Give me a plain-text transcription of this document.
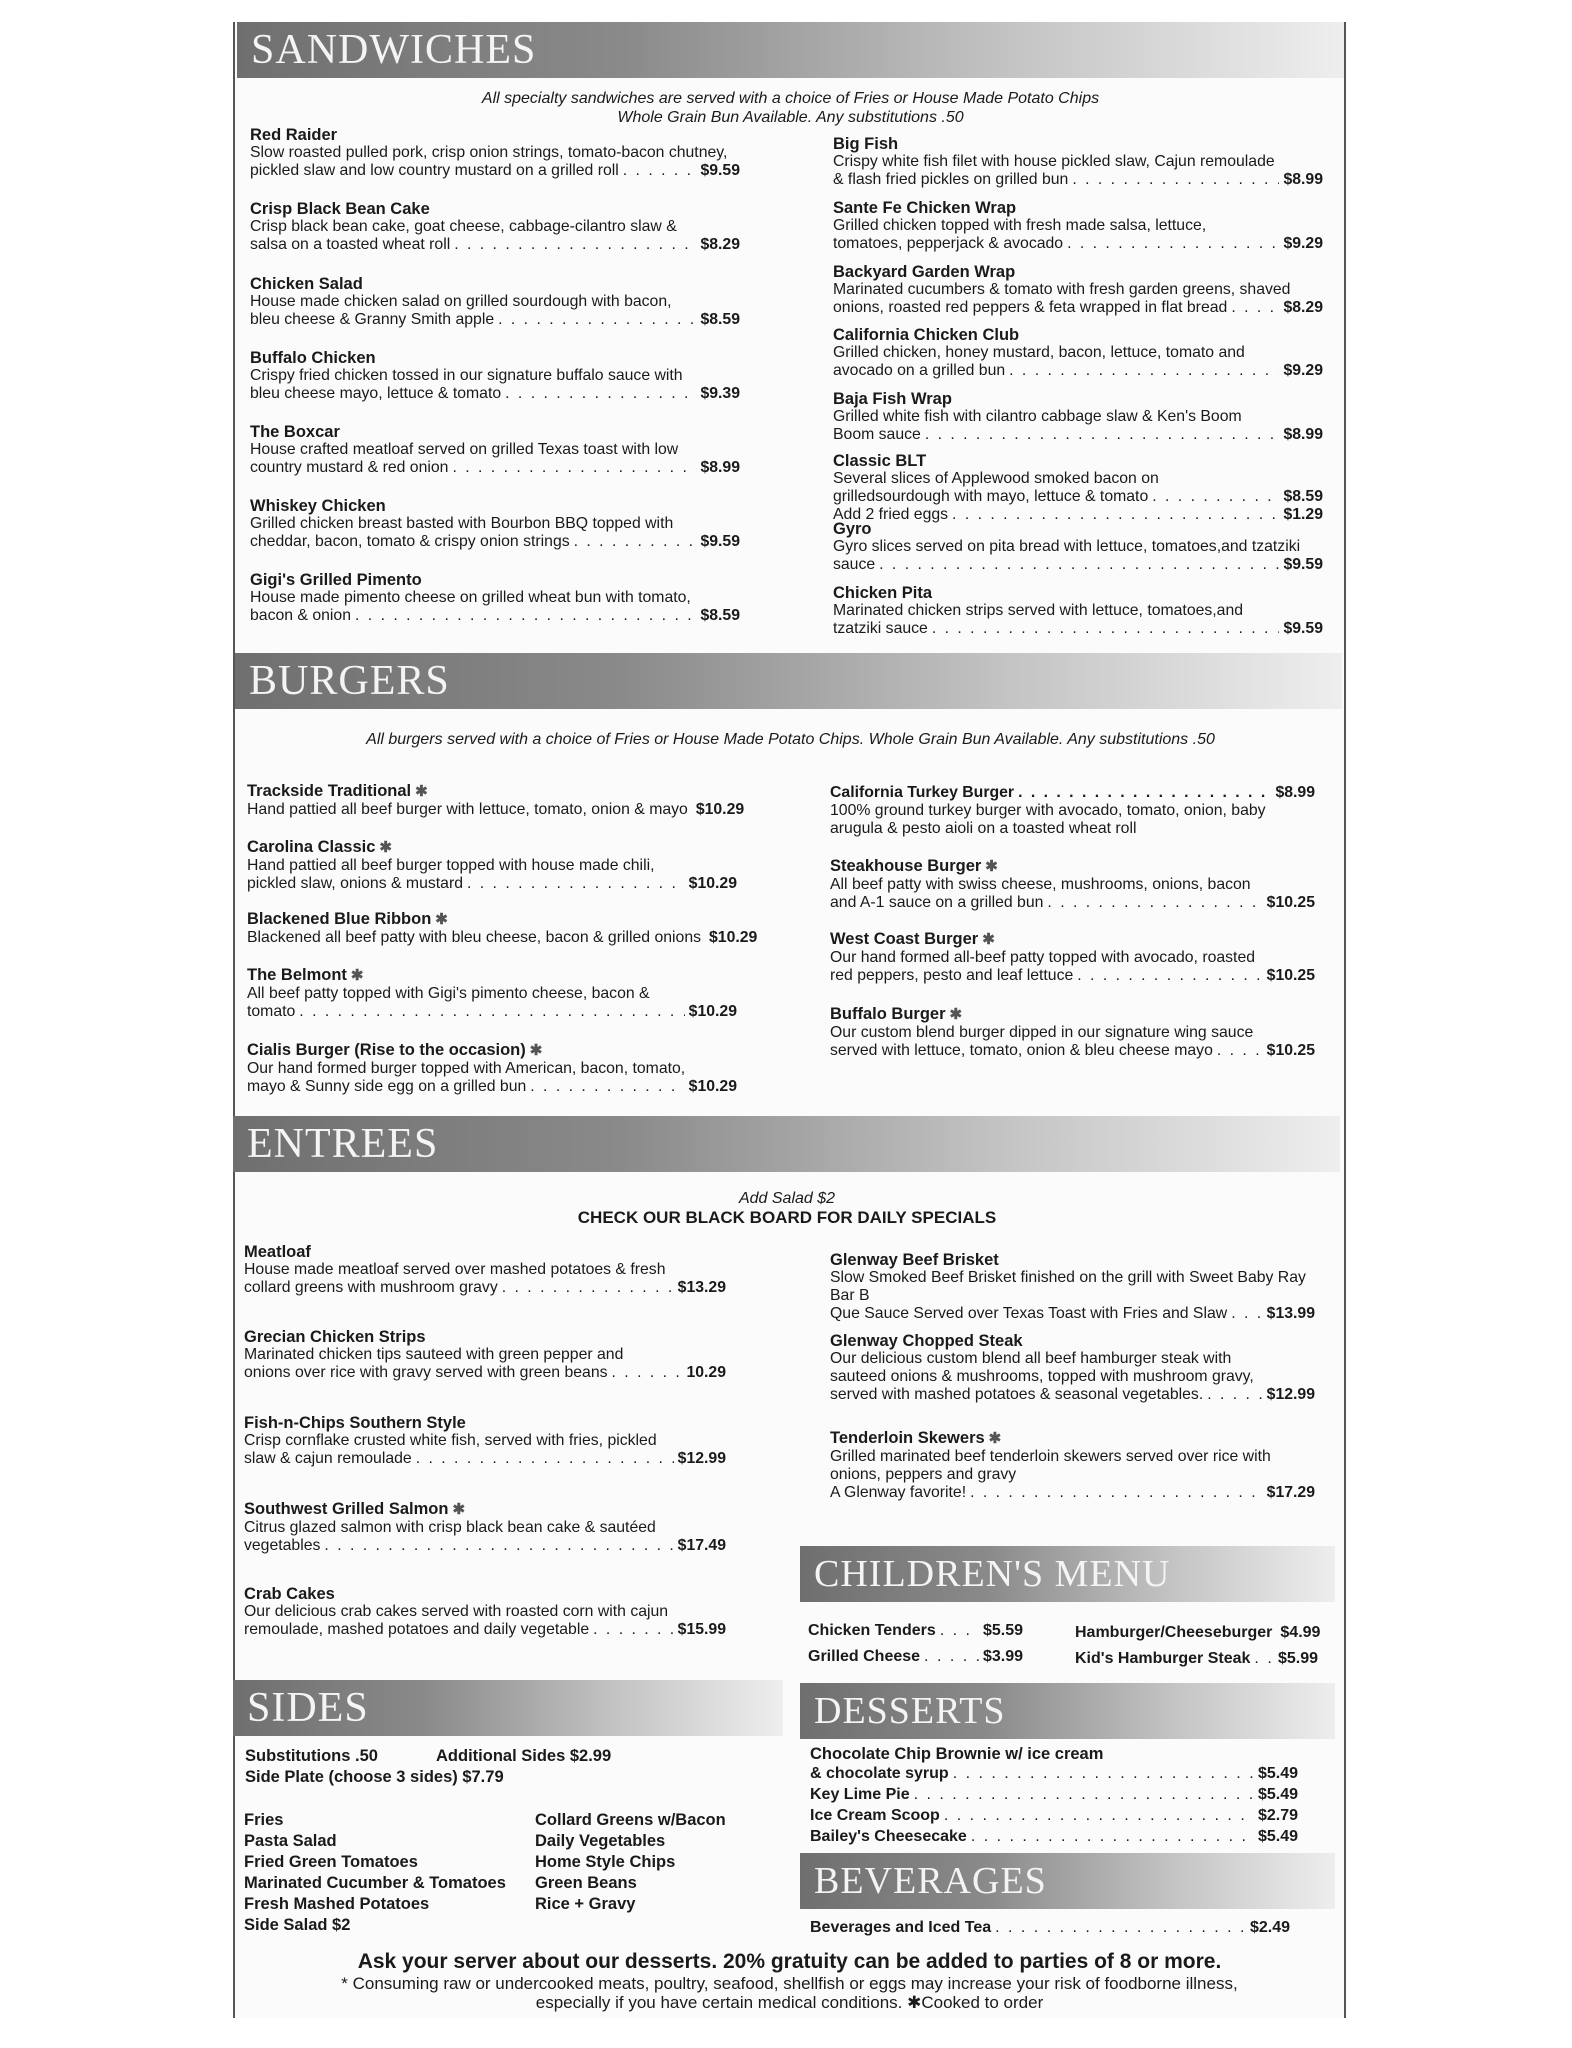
SANDWICHES
All specialty sandwiches are served with a choice of Fries or House Made Potato Chips
Whole Grain Bun Available. Any substitutions .50
Red Raider
Slow roasted pulled pork, crisp onion strings, tomato-bacon chutney,
pickled slaw and low country mustard on a grilled roll . . .	$9.59
Crisp Black Bean Cake
Crisp black bean cake, goat cheese, cabbage-cilantro slaw &
salsa on a toasted wheat roll . . .	$8.29
Chicken Salad
House made chicken salad on grilled sourdough with bacon,
bleu cheese & Granny Smith apple . . .	$8.59
Buffalo Chicken
Crispy fried chicken tossed in our signature buffalo sauce with
bleu cheese mayo, lettuce & tomato . . .	$9.39
The Boxcar
House crafted meatloaf served on grilled Texas toast with low
country mustard & red onion . . .	$8.99
Whiskey Chicken
Grilled chicken breast basted with Bourbon BBQ topped with
cheddar, bacon, tomato & crispy onion strings . . .	$9.59
Gigi's Grilled Pimento
House made pimento cheese on grilled wheat bun with tomato,
bacon & onion . . .	$8.59
Big Fish
Crispy white fish filet with house pickled slaw, Cajun remoulade
& flash fried pickles on grilled bun . . .	$8.99
Sante Fe Chicken Wrap
Grilled chicken topped with fresh made salsa, lettuce,
tomatoes, pepperjack & avocado . . .	$9.29
Backyard Garden Wrap
Marinated cucumbers & tomato with fresh garden greens, shaved
onions, roasted red peppers & feta wrapped in flat bread . . .	$8.29
California Chicken Club
Grilled chicken, honey mustard, bacon, lettuce, tomato and
avocado on a grilled bun . . .	$9.29
Baja Fish Wrap
Grilled white fish with cilantro cabbage slaw & Ken's Boom
Boom sauce . . .	$8.99
Classic BLT
Several slices of Applewood smoked bacon on
grilledsourdough with mayo, lettuce & tomato . . .	$8.59
Add 2 fried eggs . . .	$1.29
Gyro
Gyro slices served on pita bread with lettuce, tomatoes,and tzatziki
sauce . . .	$9.59
Chicken Pita
Marinated chicken strips served with lettuce, tomatoes,and
tzatziki sauce . . .	$9.59
BURGERS
All burgers served with a choice of Fries or House Made Potato Chips. Whole Grain Bun Available. Any substitutions .50
Trackside Traditional ✱
Hand pattied all beef burger with lettuce, tomato, onion & mayo $10.29
Carolina Classic ✱
Hand pattied all beef burger topped with house made chili,
pickled slaw, onions & mustard . . .	$10.29
Blackened Blue Ribbon ✱
Blackened all beef patty with bleu cheese, bacon & grilled onions $10.29
The Belmont ✱
All beef patty topped with Gigi's pimento cheese, bacon &
tomato . . .	$10.29
Cialis Burger (Rise to the occasion) ✱
Our hand formed burger topped with American, bacon, tomato,
mayo & Sunny side egg on a grilled bun . . .	$10.29
California Turkey Burger . . .	$8.99
100% ground turkey burger with avocado, tomato, onion, baby
arugula & pesto aioli on a toasted wheat roll
Steakhouse Burger ✱
All beef patty with swiss cheese, mushrooms, onions, bacon
and A-1 sauce on a grilled bun . . .	$10.25
West Coast Burger ✱
Our hand formed all-beef patty topped with avocado, roasted
red peppers, pesto and leaf lettuce . . .	$10.25
Buffalo Burger ✱
Our custom blend burger dipped in our signature wing sauce
served with lettuce, tomato, onion & bleu cheese mayo . . .	$10.25
ENTREES
Add Salad $2
CHECK OUR BLACK BOARD FOR DAILY SPECIALS
Meatloaf
House made meatloaf served over mashed potatoes & fresh
collard greens with mushroom gravy . . .	$13.29
Grecian Chicken Strips
Marinated chicken tips sauteed with green pepper and
onions over rice with gravy served with green beans . . .	10.29
Fish-n-Chips Southern Style
Crisp cornflake crusted white fish, served with fries, pickled
slaw & cajun remoulade . . .	$12.99
Southwest Grilled Salmon ✱
Citrus glazed salmon with crisp black bean cake & sautéed
vegetables . . .	$17.49
Crab Cakes
Our delicious crab cakes served with roasted corn with cajun
remoulade, mashed potatoes and daily vegetable . . .	$15.99
Glenway Beef Brisket
Slow Smoked Beef Brisket finished on the grill with Sweet Baby Ray Bar B
Que Sauce Served over Texas Toast with Fries and Slaw . . . $13.99
Glenway Chopped Steak
Our delicious custom blend all beef hamburger steak with
sauteed onions & mushrooms, topped with mushroom gravy,
served with mashed potatoes & seasonal vegetables. . . .	$12.99
Tenderloin Skewers ✱
Grilled marinated beef tenderloin skewers served over rice with
onions, peppers and gravy
A Glenway favorite! . . .	$17.29
CHILDREN'S MENU
Chicken Tenders . . .	$5.59
Grilled Cheese . . .	$3.99
Hamburger/Cheeseburger $4.99
Kid's Hamburger Steak . . . $5.99
SIDES
Substitutions .50	Additional Sides $2.99
Side Plate (choose 3 sides) $7.79
Fries
Pasta Salad
Fried Green Tomatoes
Marinated Cucumber & Tomatoes
Fresh Mashed Potatoes
Side Salad $2
Collard Greens w/Bacon
Daily Vegetables
Home Style Chips
Green Beans
Rice + Gravy
DESSERTS
Chocolate Chip Brownie w/ ice cream
& chocolate syrup . . .	$5.49
Key Lime Pie . . .	$5.49
Ice Cream Scoop . . .	$2.79
Bailey's Cheesecake . . .	$5.49
BEVERAGES
Beverages and Iced Tea . . .	$2.49
Ask your server about our desserts. 20% gratuity can be added to parties of 8 or more.
* Consuming raw or undercooked meats, poultry, seafood, shellfish or eggs may increase your risk of foodborne illness,
especially if you have certain medical conditions. ✱Cooked to order
